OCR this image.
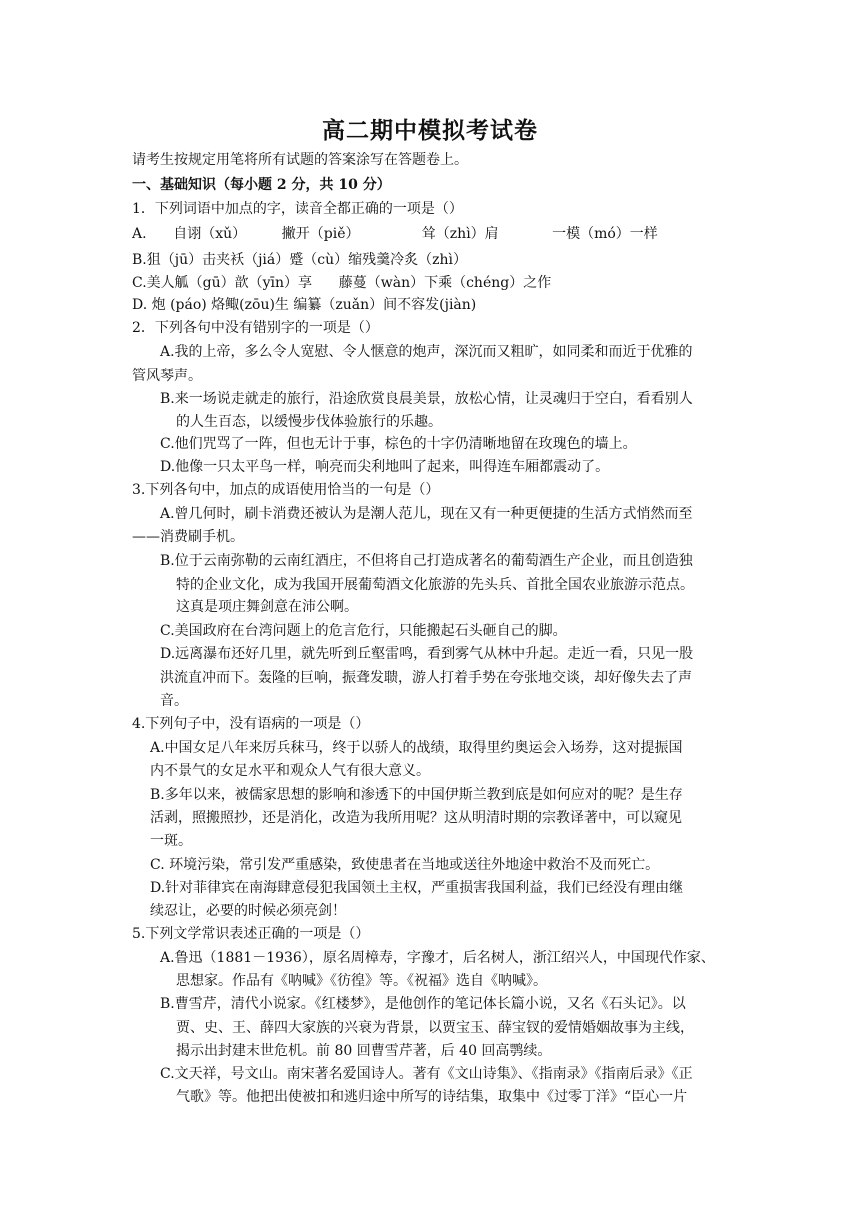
高二期中模拟考试卷
请考生按规定用笔将所有试题的答案涂写在答题卷上。
一、基础知识（每小题 2 分，共 10 分）
1．下列词语中加点的字，读音全都正确的一项是（）
A.      自诩（xǔ）        撇开（piě）              耸（zhì）肩            一模（mó）一样
B.狙（jū）击夹袄（jiá）蹙（cù）缩残羹冷炙（zhì）
C.美人觚（gū）歆（yīn）享      藤蔓（wàn）下乘（chéng）之作
D. 炮 (páo) 烙鲰(zōu)生 编纂（zuǎn）间不容发(jiàn)
2．下列各句中没有错别字的一项是（）
A.我的上帝，多么令人宽慰、令人惬意的炮声，深沉而又粗旷，如同柔和而近于优雅的
管风琴声。
B.来一场说走就走的旅行，沿途欣赏良晨美景，放松心情，让灵魂归于空白，看看别人
的人生百态，以缓慢步伐体验旅行的乐趣。
C.他们咒骂了一阵，但也无计于事，棕色的十字仍清晰地留在玫瑰色的墙上。
D.他像一只太平鸟一样，响亮而尖利地叫了起来，叫得连车厢都震动了。
3.下列各句中，加点的成语使用恰当的一句是（）
A.曾几何时，刷卡消费还被认为是潮人范儿，现在又有一种更便捷的生活方式悄然而至
——消费刷手机。
B.位于云南弥勒的云南红酒庄，不但将自己打造成著名的葡萄酒生产企业，而且创造独
特的企业文化，成为我国开展葡萄酒文化旅游的先头兵、首批全国农业旅游示范点。
这真是项庄舞剑意在沛公啊。
C.美国政府在台湾问题上的危言危行，只能搬起石头砸自己的脚。
D.远离瀑布还好几里，就先听到丘壑雷鸣，看到雾气从林中升起。走近一看，只见一股
洪流直冲而下。轰隆的巨响，振聋发聩，游人打着手势在夸张地交谈，却好像失去了声
音。
4.下列句子中，没有语病的一项是（）
A.中国女足八年来厉兵秣马，终于以骄人的战绩，取得里约奥运会入场券，这对提振国
内不景气的女足水平和观众人气有很大意义。
B.多年以来，被儒家思想的影响和渗透下的中国伊斯兰教到底是如何应对的呢？是生存
活剥，照搬照抄，还是消化，改造为我所用呢？这从明清时期的宗教译著中，可以窥见
一斑。
C. 环境污染，常引发严重感染，致使患者在当地或送往外地途中救治不及而死亡。
D.针对菲律宾在南海肆意侵犯我国领土主权，严重损害我国利益，我们已经没有理由继
续忍让，必要的时候必须亮剑！
5.下列文学常识表述正确的一项是（）
A.鲁迅（1881－1936），原名周樟寿，字豫才，后名树人，浙江绍兴人，中国现代作家、
思想家。作品有《呐喊》《彷徨》等。《祝福》选自《呐喊》。
B.曹雪芹，清代小说家。《红楼梦》，是他创作的笔记体长篇小说，又名《石头记》。以
贾、史、王、薛四大家族的兴衰为背景，以贾宝玉、薛宝钗的爱情婚姻故事为主线，
揭示出封建末世危机。前 80 回曹雪芹著，后 40 回高鹗续。
C.文天祥，号文山。南宋著名爱国诗人。著有《文山诗集》、《指南录》《指南后录》《正
气歌》等。他把出使被扣和逃归途中所写的诗结集，取集中《过零丁洋》“臣心一片
